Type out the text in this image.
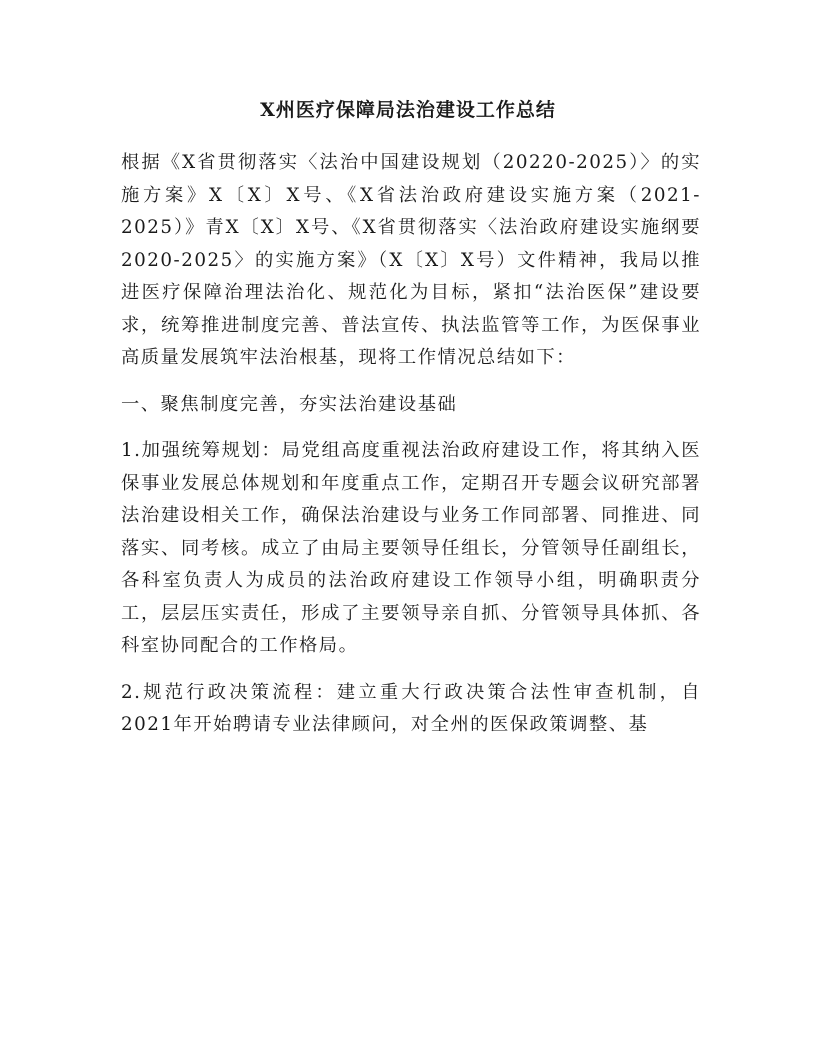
X州医疗保障局法治建设工作总结

根据《X省贯彻落实〈法治中国建设规划（20220-2025）〉的实施方案》X〔X〕X号、《X省法治政府建设实施方案（2021-2025）》青X〔X〕X号、《X省贯彻落实〈法治政府建设实施纲要2020-2025〉的实施方案》（X〔X〕X号）文件精神，我局以推进医疗保障治理法治化、规范化为目标，紧扣“法治医保”建设要求，统筹推进制度完善、普法宣传、执法监管等工作，为医保事业高质量发展筑牢法治根基，现将工作情况总结如下：

一、聚焦制度完善，夯实法治建设基础

1.加强统筹规划：局党组高度重视法治政府建设工作，将其纳入医保事业发展总体规划和年度重点工作，定期召开专题会议研究部署法治建设相关工作，确保法治建设与业务工作同部署、同推进、同落实、同考核。成立了由局主要领导任组长，分管领导任副组长，各科室负责人为成员的法治政府建设工作领导小组，明确职责分工，层层压实责任，形成了主要领导亲自抓、分管领导具体抓、各科室协同配合的工作格局。

2.规范行政决策流程：建立重大行政决策合法性审查机制，自2021年开始聘请专业法律顾问，对全州的医保政策调整、基
